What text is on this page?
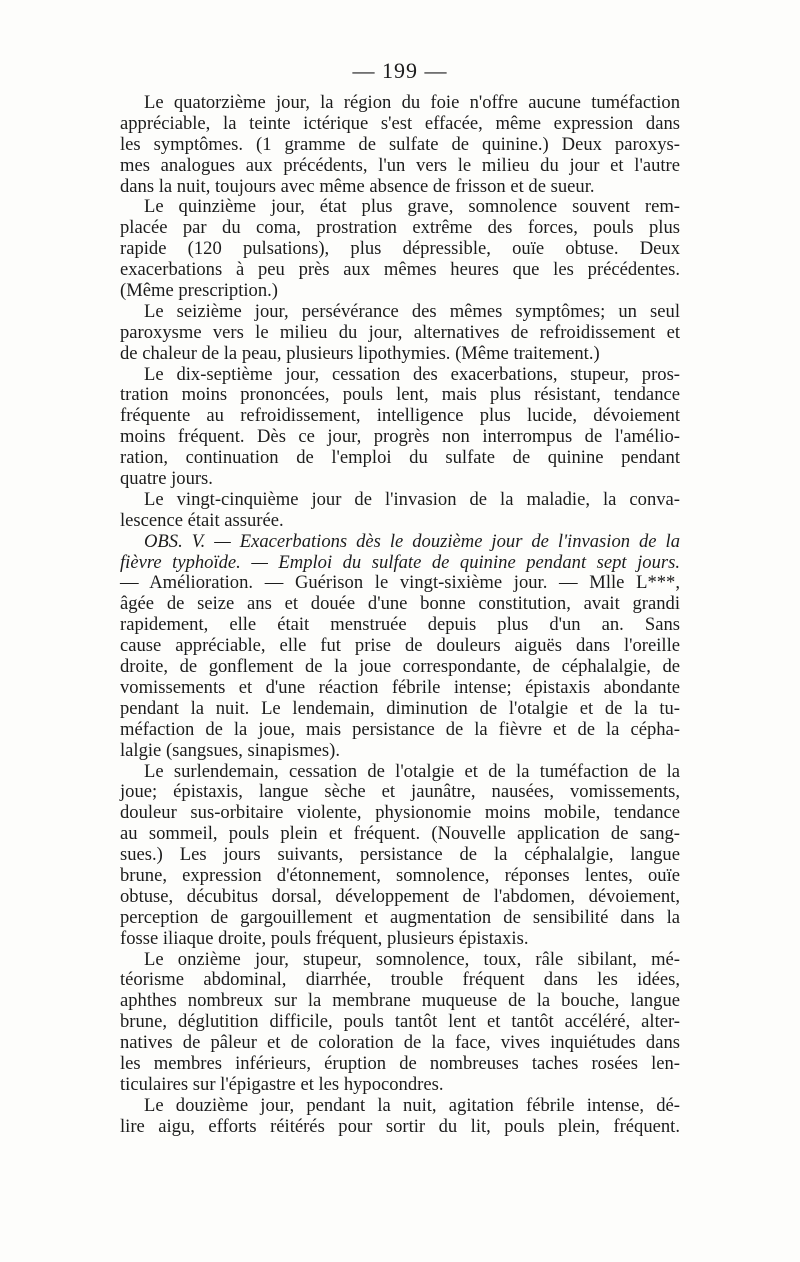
— 199 —
Le quatorzième jour, la région du foie n'offre aucune tuméfaction
appréciable, la teinte ictérique s'est effacée, même expression dans
les symptômes. (1 gramme de sulfate de quinine.) Deux paroxys-
mes analogues aux précédents, l'un vers le milieu du jour et l'autre
dans la nuit, toujours avec même absence de frisson et de sueur.
Le quinzième jour, état plus grave, somnolence souvent rem-
placée par du coma, prostration extrême des forces, pouls plus
rapide (120 pulsations), plus dépressible, ouïe obtuse. Deux
exacerbations à peu près aux mêmes heures que les précédentes.
(Même prescription.)
Le seizième jour, persévérance des mêmes symptômes; un seul
paroxysme vers le milieu du jour, alternatives de refroidissement et
de chaleur de la peau, plusieurs lipothymies. (Même traitement.)
Le dix-septième jour, cessation des exacerbations, stupeur, pros-
tration moins prononcées, pouls lent, mais plus résistant, tendance
fréquente au refroidissement, intelligence plus lucide, dévoiement
moins fréquent. Dès ce jour, progrès non interrompus de l'amélio-
ration, continuation de l'emploi du sulfate de quinine pendant
quatre jours.
Le vingt-cinquième jour de l'invasion de la maladie, la conva-
lescence était assurée.
OBS. V. — Exacerbations dès le douzième jour de l'invasion de la
fièvre typhoïde. — Emploi du sulfate de quinine pendant sept jours.
— Amélioration. — Guérison le vingt-sixième jour. — Mlle L***,
âgée de seize ans et douée d'une bonne constitution, avait grandi
rapidement, elle était menstruée depuis plus d'un an. Sans
cause appréciable, elle fut prise de douleurs aiguës dans l'oreille
droite, de gonflement de la joue correspondante, de céphalalgie, de
vomissements et d'une réaction fébrile intense; épistaxis abondante
pendant la nuit. Le lendemain, diminution de l'otalgie et de la tu-
méfaction de la joue, mais persistance de la fièvre et de la cépha-
lalgie (sangsues, sinapismes).
Le surlendemain, cessation de l'otalgie et de la tuméfaction de la
joue; épistaxis, langue sèche et jaunâtre, nausées, vomissements,
douleur sus-orbitaire violente, physionomie moins mobile, tendance
au sommeil, pouls plein et fréquent. (Nouvelle application de sang-
sues.) Les jours suivants, persistance de la céphalalgie, langue
brune, expression d'étonnement, somnolence, réponses lentes, ouïe
obtuse, décubitus dorsal, développement de l'abdomen, dévoiement,
perception de gargouillement et augmentation de sensibilité dans la
fosse iliaque droite, pouls fréquent, plusieurs épistaxis.
Le onzième jour, stupeur, somnolence, toux, râle sibilant, mé-
téorisme abdominal, diarrhée, trouble fréquent dans les idées,
aphthes nombreux sur la membrane muqueuse de la bouche, langue
brune, déglutition difficile, pouls tantôt lent et tantôt accéléré, alter-
natives de pâleur et de coloration de la face, vives inquiétudes dans
les membres inférieurs, éruption de nombreuses taches rosées len-
ticulaires sur l'épigastre et les hypocondres.
Le douzième jour, pendant la nuit, agitation fébrile intense, dé-
lire aigu, efforts réitérés pour sortir du lit, pouls plein, fréquent.
